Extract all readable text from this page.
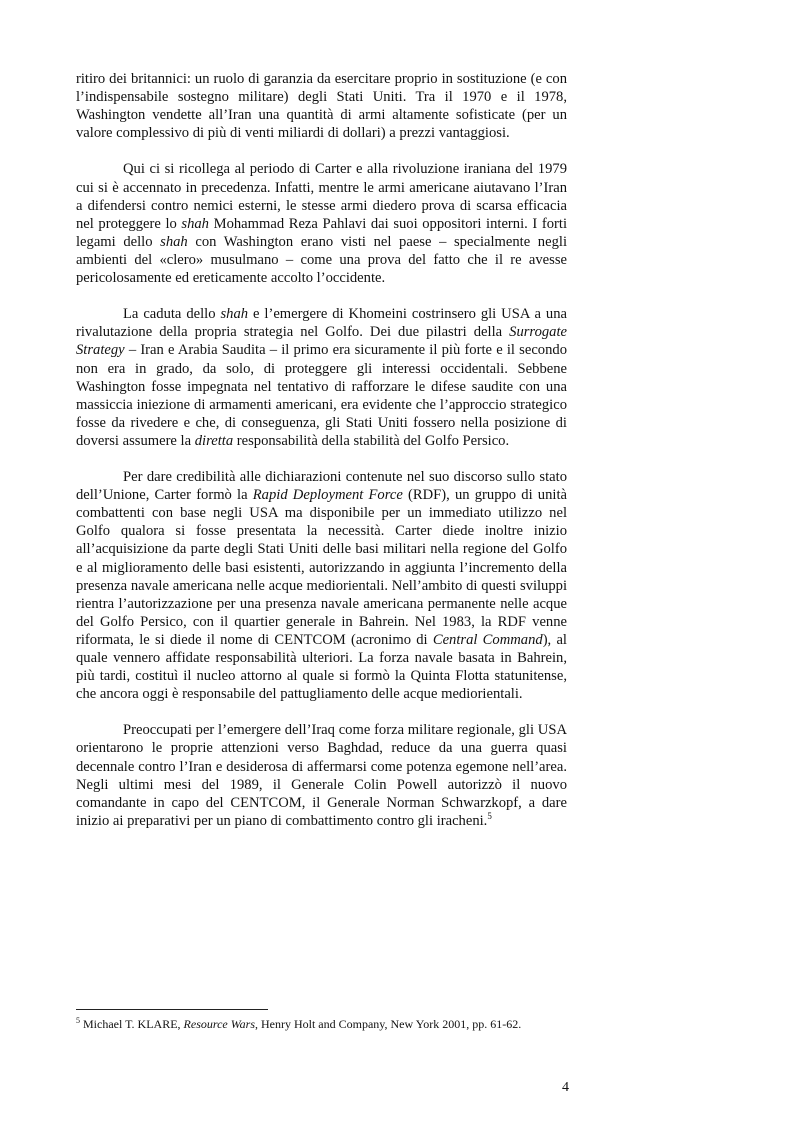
ritiro dei britannici: un ruolo di garanzia da esercitare proprio in sostituzione (e con l’indispensabile sostegno militare) degli Stati Uniti. Tra il 1970 e il 1978, Washington vendette all’Iran una quantità di armi altamente sofisticate (per un valore complessivo di più di venti miliardi di dollari) a prezzi vantaggiosi.

Qui ci si ricollega al periodo di Carter e alla rivoluzione iraniana del 1979 cui si è accennato in precedenza. Infatti, mentre le armi americane aiutavano l’Iran a difendersi contro nemici esterni, le stesse armi diedero prova di scarsa efficacia nel proteggere lo shah Mohammad Reza Pahlavi dai suoi oppositori interni. I forti legami dello shah con Washington erano visti nel paese – specialmente negli ambienti del «clero» musulmano – come una prova del fatto che il re avesse pericolosamente ed ereticamente accolto l’occidente.

La caduta dello shah e l’emergere di Khomeini costrinsero gli USA a una rivalutazione della propria strategia nel Golfo. Dei due pilastri della Surrogate Strategy – Iran e Arabia Saudita – il primo era sicuramente il più forte e il secondo non era in grado, da solo, di proteggere gli interessi occidentali. Sebbene Washington fosse impegnata nel tentativo di rafforzare le difese saudite con una massiccia iniezione di armamenti americani, era evidente che l’approccio strategico fosse da rivedere e che, di conseguenza, gli Stati Uniti fossero nella posizione di doversi assumere la diretta responsabilità della stabilità del Golfo Persico.

Per dare credibilità alle dichiarazioni contenute nel suo discorso sullo stato dell’Unione, Carter formò la Rapid Deployment Force (RDF), un gruppo di unità combattenti con base negli USA ma disponibile per un immediato utilizzo nel Golfo qualora si fosse presentata la necessità. Carter diede inoltre inizio all’acquisizione da parte degli Stati Uniti delle basi militari nella regione del Golfo e al miglioramento delle basi esistenti, autorizzando in aggiunta l’incremento della presenza navale americana nelle acque mediorientali. Nell’ambito di questi sviluppi rientra l’autorizzazione per una presenza navale americana permanente nelle acque del Golfo Persico, con il quartier generale in Bahrein. Nel 1983, la RDF venne riformata, le si diede il nome di CENTCOM (acronimo di Central Command), al quale vennero affidate responsabilità ulteriori. La forza navale basata in Bahrein, più tardi, costituì il nucleo attorno al quale si formò la Quinta Flotta statunitense, che ancora oggi è responsabile del pattugliamento delle acque mediorientali.

Preoccupati per l’emergere dell’Iraq come forza militare regionale, gli USA orientarono le proprie attenzioni verso Baghdad, reduce da una guerra quasi decennale contro l’Iran e desiderosa di affermarsi come potenza egemone nell’area. Negli ultimi mesi del 1989, il Generale Colin Powell autorizzò il nuovo comandante in capo del CENTCOM, il Generale Norman Schwarzkopf, a dare inizio ai preparativi per un piano di combattimento contro gli iracheni.$^5$

$^5$ Michael T. KLARE, Resource Wars, Henry Holt and Company, New York 2001, pp. 61-62.
4
